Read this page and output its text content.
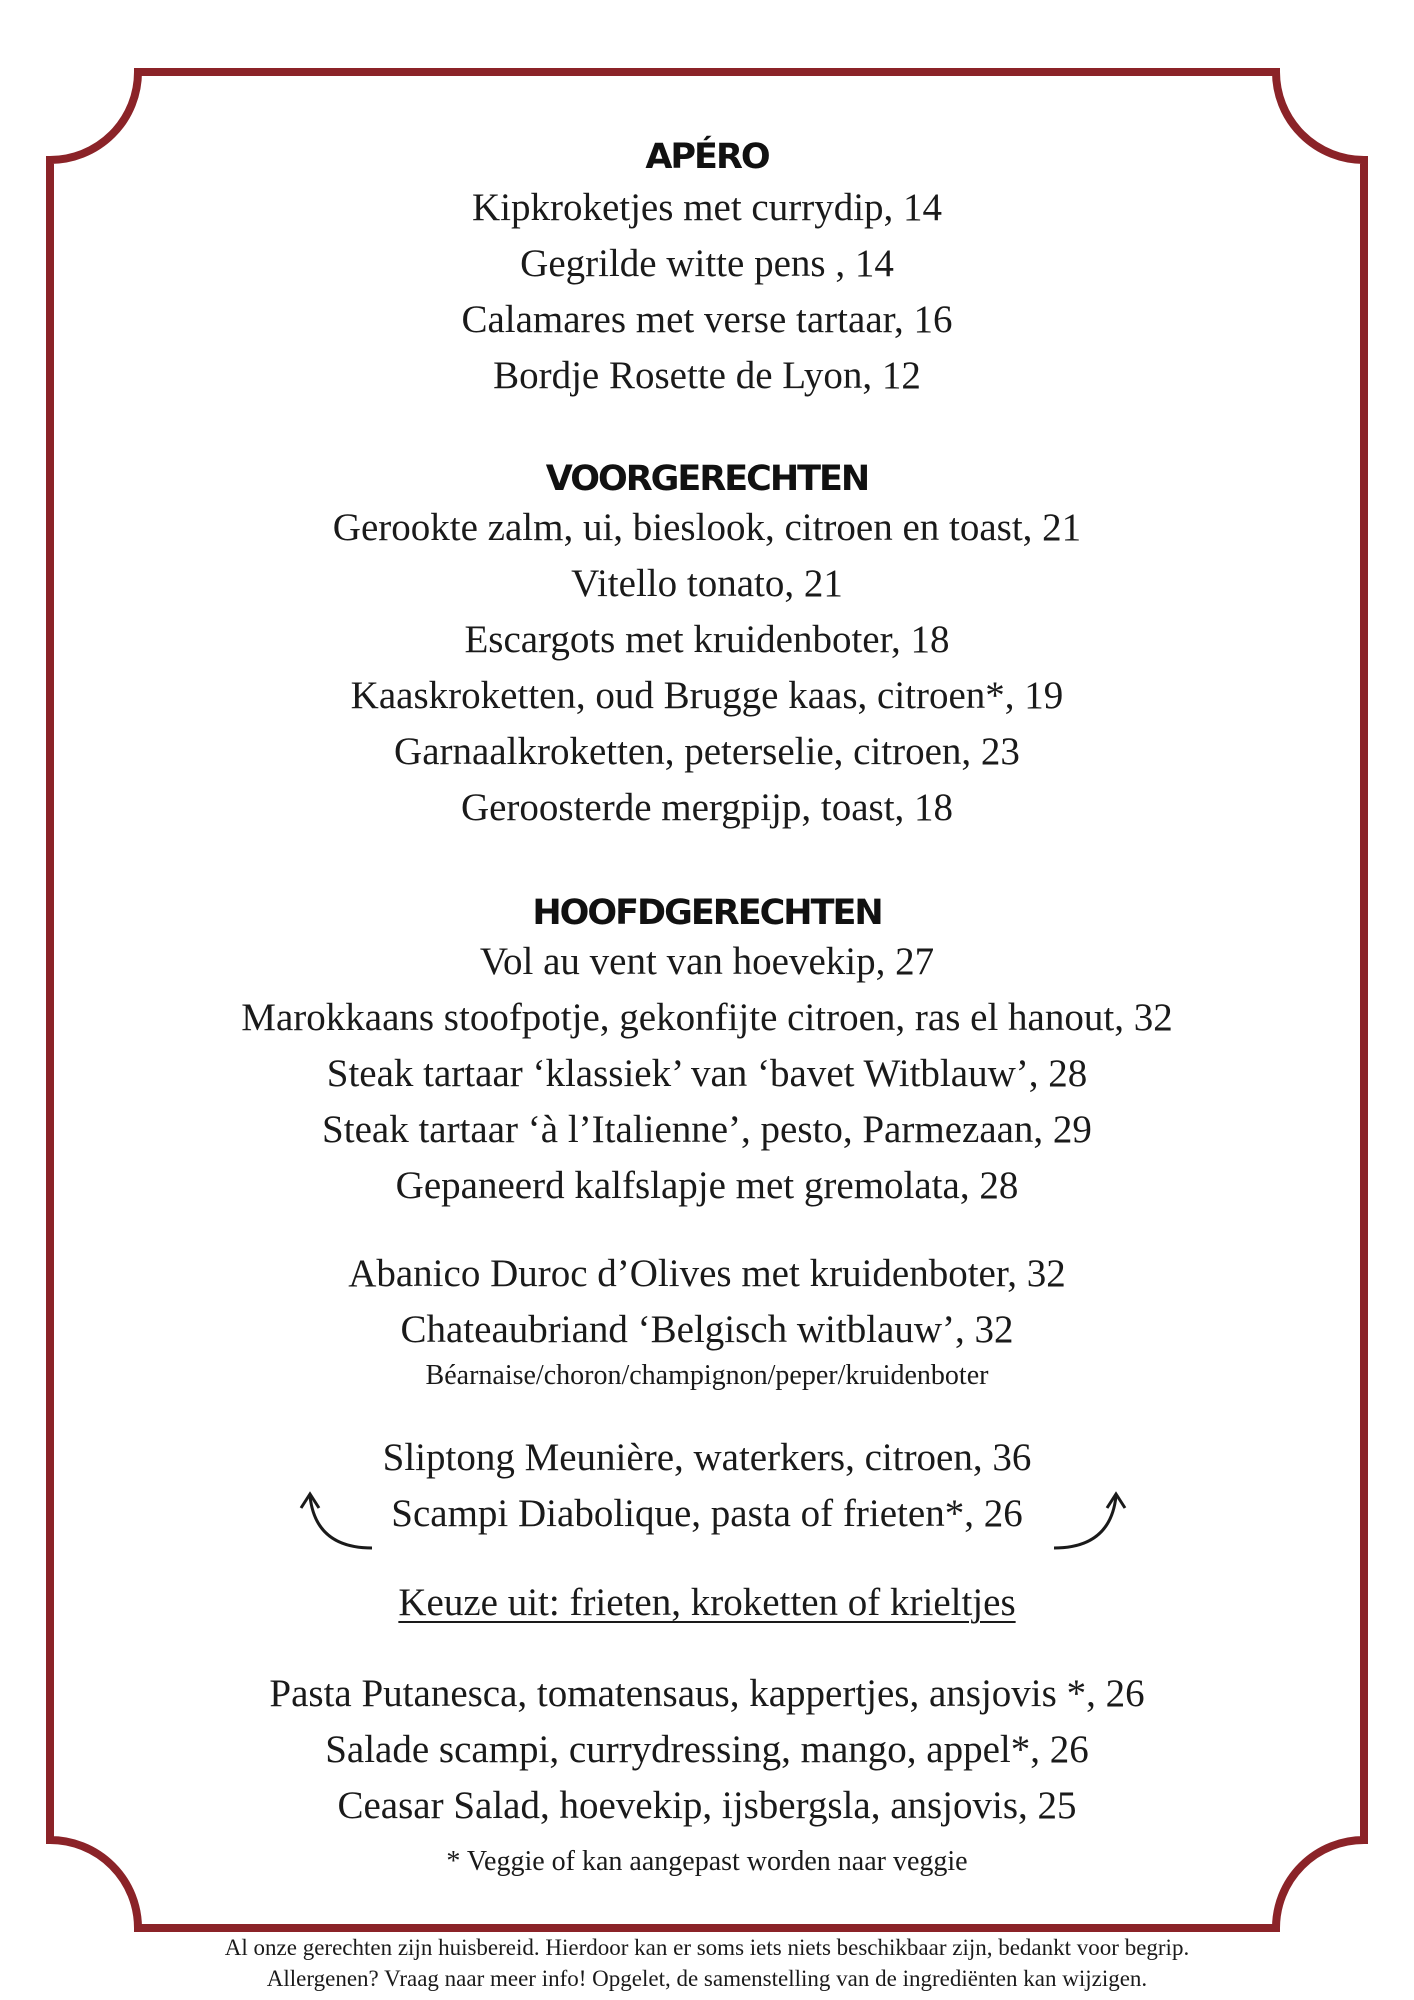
apéro

Kipkroketjes met currydip, 14

Gegrilde witte pens , 14

Calamares met verse tartaar, 16

Bordje Rosette de Lyon, 12

voorgerechten

Gerookte zalm, ui, bieslook, citroen en toast, 21

Vitello tonato, 21

Escargots met kruidenboter, 18

Kaaskroketten, oud Brugge kaas, citroen*, 19

Garnaalkroketten, peterselie, citroen, 23

Geroosterde mergpijp, toast, 18

hoofdgerechten

Vol au vent van hoevekip, 27

Marokkaans stoofpotje, gekonfijte citroen, ras el hanout, 32

Steak tartaar ‘klassiek’ van ‘bavet Witblauw’, 28

Steak tartaar ‘à l’Italienne’, pesto, Parmezaan, 29

Gepaneerd kalfslapje met gremolata, 28

Abanico Duroc d’Olives met kruidenboter, 32

Chateaubriand ‘Belgisch witblauw’, 32

Béarnaise/choron/champignon/peper/kruidenboter

Sliptong Meunière, waterkers, citroen, 36

Scampi Diabolique, pasta of frieten*, 26

Keuze uit: frieten, kroketten of krieltjes

Pasta Putanesca, tomatensaus, kappertjes, ansjovis *, 26

Salade scampi, currydressing, mango, appel*, 26

Ceasar Salad, hoevekip, ijsbergsla, ansjovis, 25

* Veggie of kan aangepast worden naar veggie

Al onze gerechten zijn huisbereid. Hierdoor kan er soms iets niets beschikbaar zijn, bedankt voor begrip.

Allergenen? Vraag naar meer info! Opgelet, de samenstelling van de ingrediënten kan wijzigen.
